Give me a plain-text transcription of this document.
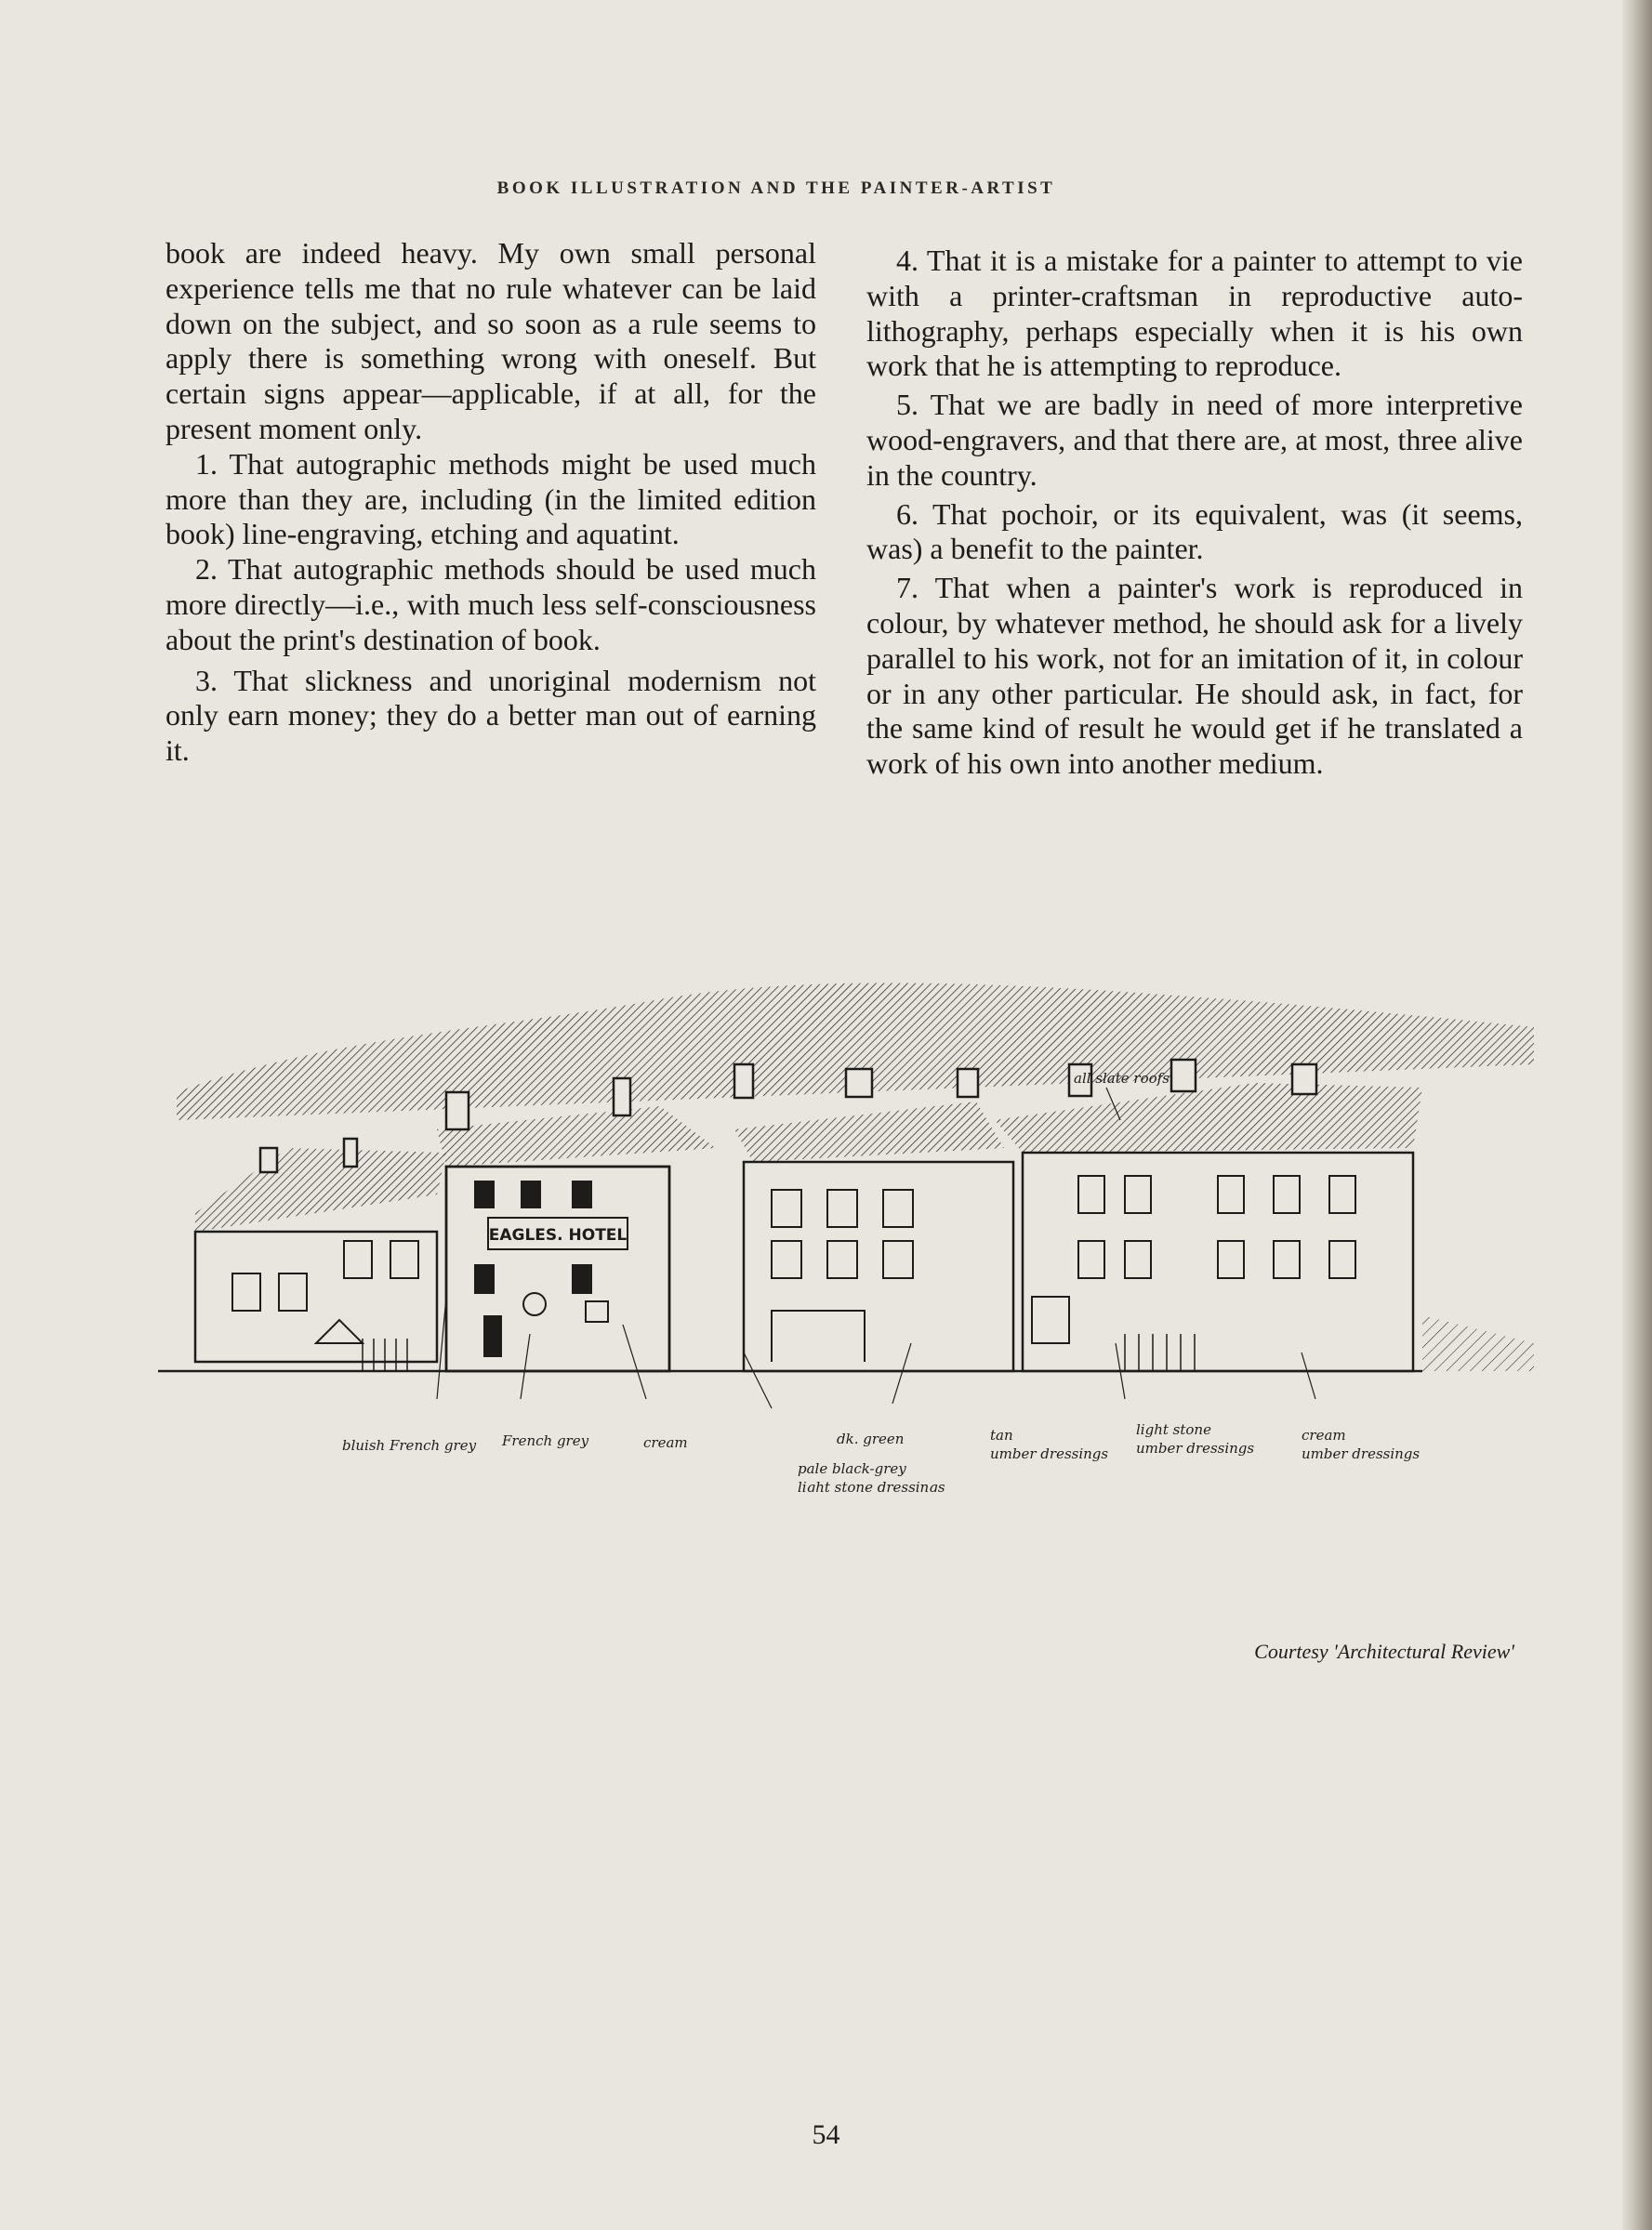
BOOK ILLUSTRATION AND THE PAINTER-ARTIST

book are indeed heavy. My own small personal experience tells me that no rule whatever can be laid down on the subject, and so soon as a rule seems to apply there is something wrong with oneself. But certain signs appear—applicable, if at all, for the present moment only.

1. That autographic methods might be used much more than they are, including (in the limited edition book) line-engraving, etching and aquatint.

2. That autographic methods should be used much more directly—i.e., with much less self-consciousness about the print's destination of book.

3. That slickness and unoriginal modernism not only earn money; they do a better man out of earning it.

4. That it is a mistake for a painter to attempt to vie with a printer-craftsman in reproductive auto-lithography, perhaps especially when it is his own work that he is attempting to reproduce.

5. That we are badly in need of more interpretive wood-engravers, and that there are, at most, three alive in the country.

6. That pochoir, or its equivalent, was (it seems, was) a benefit to the painter.

7. That when a painter's work is reproduced in colour, by whatever method, he should ask for a lively parallel to his work, not for an imitation of it, in colour or in any other particular. He should ask, in fact, for the same kind of result he would get if he translated a work of his own into another medium.

EAGLES. HOTEL
all slate roofs
bluish French grey French grey	cream	dk. green
pale black-grey
light stone dressings
tan
umber dressings
light stone
umber dressings
cream
umber dressings
Courtesy 'Architectural Review'
54
